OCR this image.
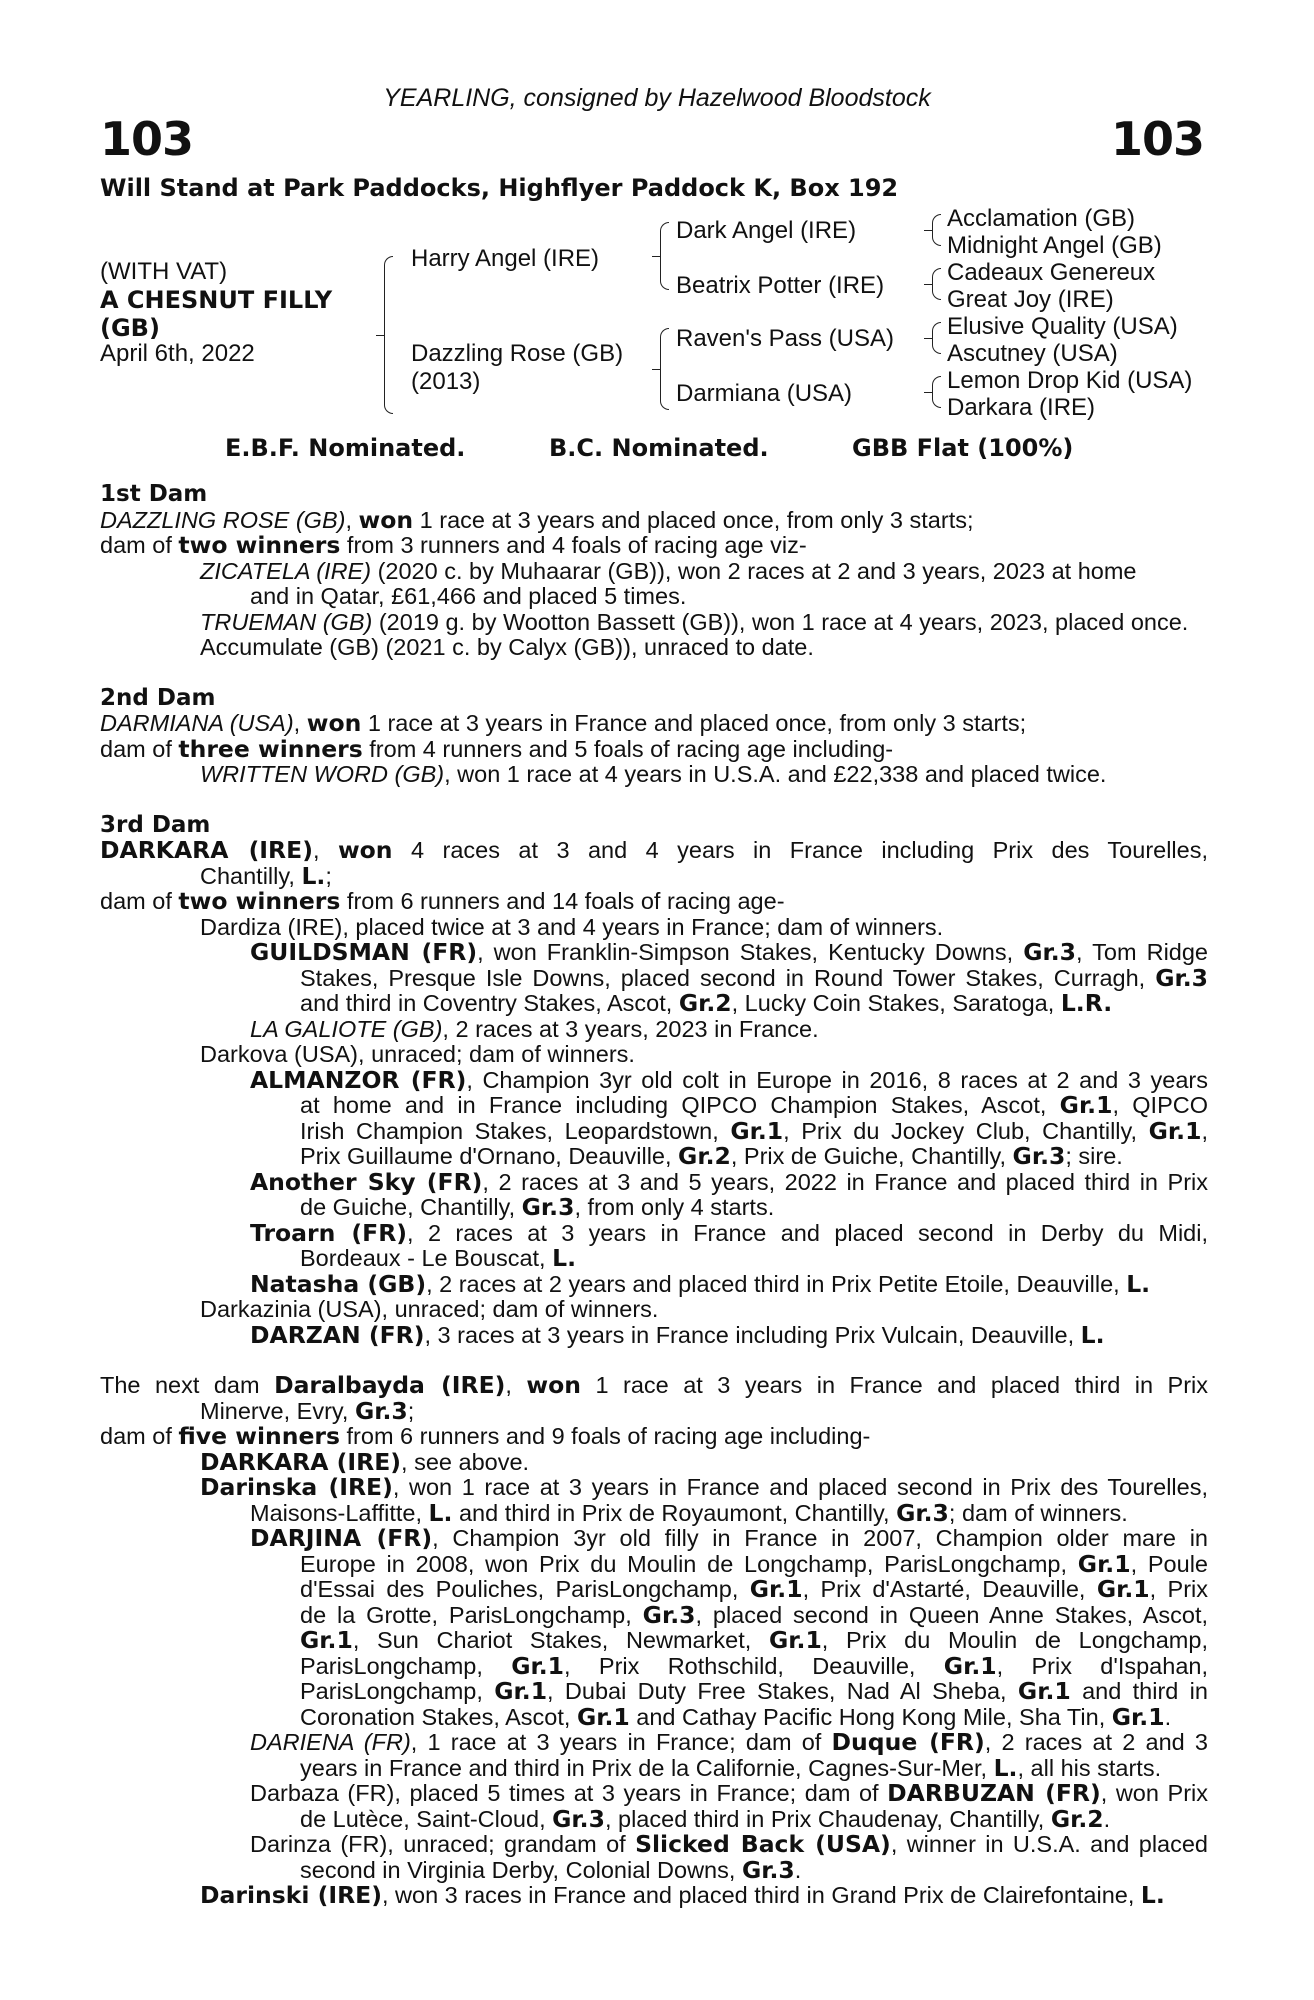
YEARLING, consigned by Hazelwood Bloodstock
103	103
Will Stand at Park Paddocks, Highflyer Paddock K, Box 192
(WITH VAT)
A CHESNUT FILLY
(GB)
April 6th, 2022
Harry Angel (IRE)
Dazzling Rose (GB)
(2013)
Dark Angel (IRE)
Beatrix Potter (IRE)
Raven's Pass (USA)
Darmiana (USA)
Acclamation (GB)
Midnight Angel (GB)
Cadeaux Genereux
Great Joy (IRE)
Elusive Quality (USA)
Ascutney (USA)
Lemon Drop Kid (USA)
Darkara (IRE)
E.B.F. Nominated.	B.C. Nominated.	GBB Flat (100%)
1st Dam
DAZZLING ROSE (GB), won 1 race at 3 years and placed once, from only 3 starts;
dam of two winners from 3 runners and 4 foals of racing age viz-
ZICATELA (IRE) (2020 c. by Muhaarar (GB)), won 2 races at 2 and 3 years, 2023 at home
and in Qatar, £61,466 and placed 5 times.
TRUEMAN (GB) (2019 g. by Wootton Bassett (GB)), won 1 race at 4 years, 2023, placed once.
Accumulate (GB) (2021 c. by Calyx (GB)), unraced to date.
2nd Dam
DARMIANA (USA), won 1 race at 3 years in France and placed once, from only 3 starts;
dam of three winners from 4 runners and 5 foals of racing age including-
WRITTEN WORD (GB), won 1 race at 4 years in U.S.A. and £22,338 and placed twice.
3rd Dam
DARKARA (IRE), won 4 races at 3 and 4 years in France including Prix des Tourelles,
Chantilly, L.;
dam of two winners from 6 runners and 14 foals of racing age-
Dardiza (IRE), placed twice at 3 and 4 years in France; dam of winners.
GUILDSMAN (FR), won Franklin-Simpson Stakes, Kentucky Downs, Gr.3, Tom Ridge
Stakes, Presque Isle Downs, placed second in Round Tower Stakes, Curragh, Gr.3
and third in Coventry Stakes, Ascot, Gr.2, Lucky Coin Stakes, Saratoga, L.R.
LA GALIOTE (GB), 2 races at 3 years, 2023 in France.
Darkova (USA), unraced; dam of winners.
ALMANZOR (FR), Champion 3yr old colt in Europe in 2016, 8 races at 2 and 3 years
at home and in France including QIPCO Champion Stakes, Ascot, Gr.1, QIPCO
Irish Champion Stakes, Leopardstown, Gr.1, Prix du Jockey Club, Chantilly, Gr.1,
Prix Guillaume d'Ornano, Deauville, Gr.2, Prix de Guiche, Chantilly, Gr.3; sire.
Another Sky (FR), 2 races at 3 and 5 years, 2022 in France and placed third in Prix
de Guiche, Chantilly, Gr.3, from only 4 starts.
Troarn (FR), 2 races at 3 years in France and placed second in Derby du Midi,
Bordeaux - Le Bouscat, L.
Natasha (GB), 2 races at 2 years and placed third in Prix Petite Etoile, Deauville, L.
Darkazinia (USA), unraced; dam of winners.
DARZAN (FR), 3 races at 3 years in France including Prix Vulcain, Deauville, L.
The next dam Daralbayda (IRE), won 1 race at 3 years in France and placed third in Prix
Minerve, Evry, Gr.3;
dam of five winners from 6 runners and 9 foals of racing age including-
DARKARA (IRE), see above.
Darinska (IRE), won 1 race at 3 years in France and placed second in Prix des Tourelles,
Maisons-Laffitte, L. and third in Prix de Royaumont, Chantilly, Gr.3; dam of winners.
DARJINA (FR), Champion 3yr old filly in France in 2007, Champion older mare in
Europe in 2008, won Prix du Moulin de Longchamp, ParisLongchamp, Gr.1, Poule
d'Essai des Pouliches, ParisLongchamp, Gr.1, Prix d'Astarté, Deauville, Gr.1, Prix
de la Grotte, ParisLongchamp, Gr.3, placed second in Queen Anne Stakes, Ascot,
Gr.1, Sun Chariot Stakes, Newmarket, Gr.1, Prix du Moulin de Longchamp,
ParisLongchamp, Gr.1, Prix Rothschild, Deauville, Gr.1, Prix d'Ispahan,
ParisLongchamp, Gr.1, Dubai Duty Free Stakes, Nad Al Sheba, Gr.1 and third in
Coronation Stakes, Ascot, Gr.1 and Cathay Pacific Hong Kong Mile, Sha Tin, Gr.1.
DARIENA (FR), 1 race at 3 years in France; dam of Duque (FR), 2 races at 2 and 3
years in France and third in Prix de la Californie, Cagnes-Sur-Mer, L., all his starts.
Darbaza (FR), placed 5 times at 3 years in France; dam of DARBUZAN (FR), won Prix
de Lutèce, Saint-Cloud, Gr.3, placed third in Prix Chaudenay, Chantilly, Gr.2.
Darinza (FR), unraced; grandam of Slicked Back (USA), winner in U.S.A. and placed
second in Virginia Derby, Colonial Downs, Gr.3.
Darinski (IRE), won 3 races in France and placed third in Grand Prix de Clairefontaine, L.
